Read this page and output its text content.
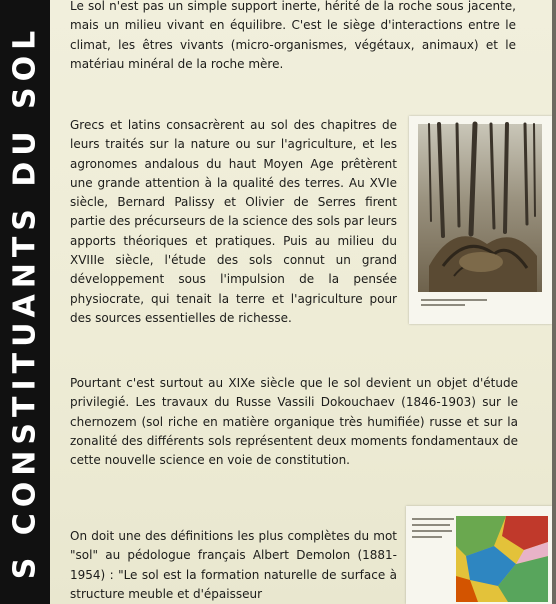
S CONSTITUANTS DU SOL

Le sol n'est pas un simple support inerte, hérité de la roche sous jacente, mais un milieu vivant en équilibre. C'est le siège d'interactions entre le climat, les êtres vivants (micro-organismes, végétaux, animaux) et le matériau minéral de la roche mère.

Grecs et latins consacrèrent au sol des chapitres de leurs traités sur la nature ou sur l'agriculture, et les agronomes andalous du haut Moyen Age prêtèrent une grande attention à la qualité des terres. Au XVIe siècle, Bernard Palissy et Olivier de Serres firent partie des précurseurs de la science des sols par leurs apports théoriques et pratiques. Puis au milieu du XVIIIe siècle, l'étude des sols connut un grand développement sous l'impulsion de la pensée physiocrate, qui tenait la terre et l'agriculture pour des sources essentielles de richesse.

Pourtant c'est surtout au XIXe siècle que le sol devient un objet d'étude privilegié. Les travaux du Russe Vassili Dokouchaev (1846-1903) sur le chernozem (sol riche en matière organique très humifiée) russe et sur la zonalité des différents sols représentent deux moments fondamentaux de cette nouvelle science en voie de constitution.

On doit une des définitions les plus complètes du mot "sol" au pédologue français Albert Demolon (1881-1954) : "Le sol est la formation naturelle de surface à structure meuble et d'épaisseur
